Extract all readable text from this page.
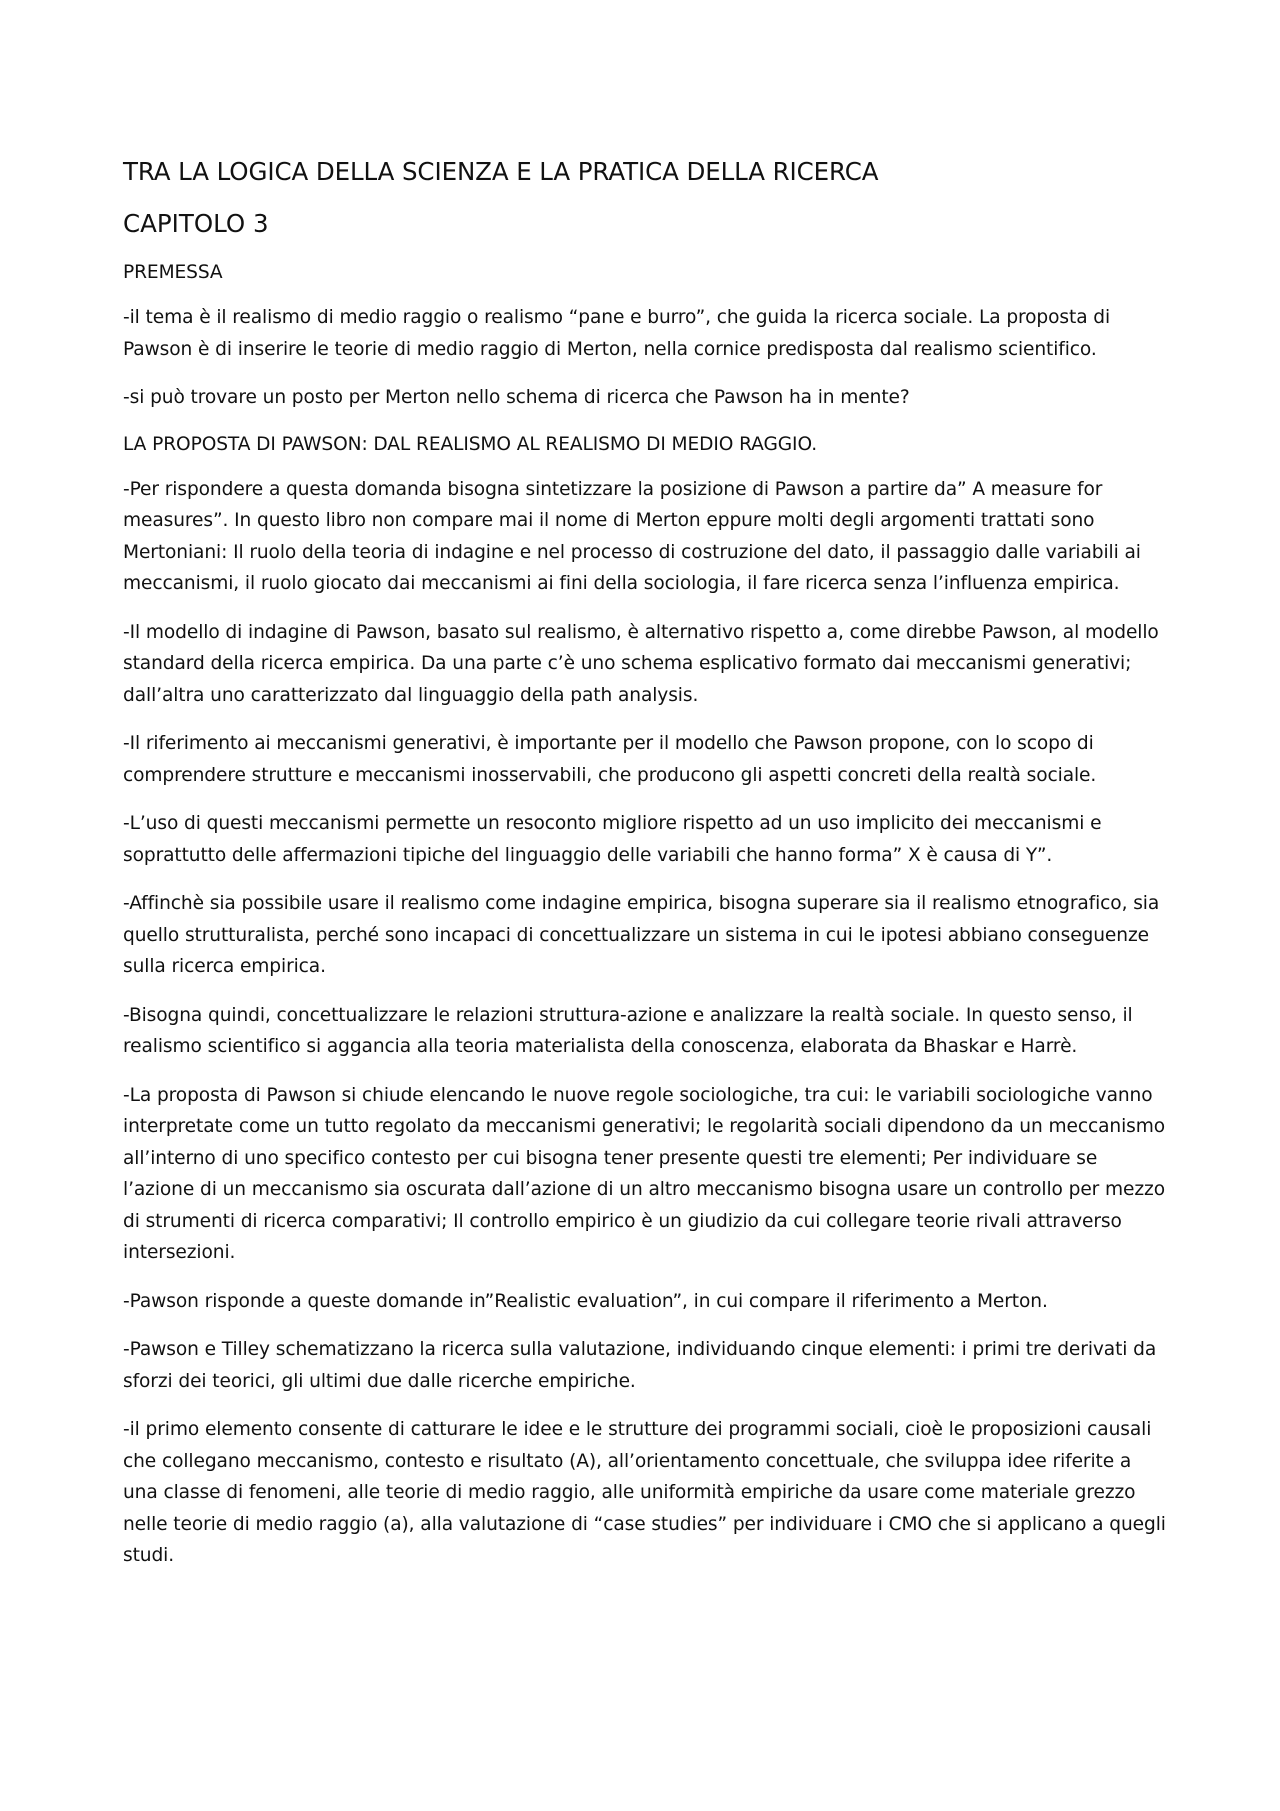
TRA LA LOGICA DELLA SCIENZA E LA PRATICA DELLA RICERCA
CAPITOLO 3
PREMESSA

-il tema è il realismo di medio raggio o realismo “pane e burro”, che guida la ricerca sociale. La proposta di Pawson è di inserire le teorie di medio raggio di Merton, nella cornice predisposta dal realismo scientifico.

-si può trovare un posto per Merton nello schema di ricerca che Pawson ha in mente?

LA PROPOSTA DI PAWSON: DAL REALISMO AL REALISMO DI MEDIO RAGGIO.

-Per rispondere a questa domanda bisogna sintetizzare la posizione di Pawson a partire da” A measure for measures”. In questo libro non compare mai il nome di Merton eppure molti degli argomenti trattati sono Mertoniani: Il ruolo della teoria di indagine e nel processo di costruzione del dato, il passaggio dalle variabili ai meccanismi, il ruolo giocato dai meccanismi ai fini della sociologia, il fare ricerca senza l’influenza empirica.

-Il modello di indagine di Pawson, basato sul realismo, è alternativo rispetto a, come direbbe Pawson, al modello standard della ricerca empirica. Da una parte c’è uno schema esplicativo formato dai meccanismi generativi; dall’altra uno caratterizzato dal linguaggio della path analysis.

-Il riferimento ai meccanismi generativi, è importante per il modello che Pawson propone, con lo scopo di comprendere strutture e meccanismi inosservabili, che producono gli aspetti concreti della realtà sociale.

-L’uso di questi meccanismi permette un resoconto migliore rispetto ad un uso implicito dei meccanismi e soprattutto delle affermazioni tipiche del linguaggio delle variabili che hanno forma” X è causa di Y”.

-Affinchè sia possibile usare il realismo come indagine empirica, bisogna superare sia il realismo etnografico, sia quello strutturalista, perché sono incapaci di concettualizzare un sistema in cui le ipotesi abbiano conseguenze sulla ricerca empirica.

-Bisogna quindi, concettualizzare le relazioni struttura-azione e analizzare la realtà sociale. In questo senso, il realismo scientifico si aggancia alla teoria materialista della conoscenza, elaborata da Bhaskar e Harrè.

-La proposta di Pawson si chiude elencando le nuove regole sociologiche, tra cui: le variabili sociologiche vanno interpretate come un tutto regolato da meccanismi generativi; le regolarità sociali dipendono da un meccanismo all’interno di uno specifico contesto per cui bisogna tener presente questi tre elementi; Per individuare se l’azione di un meccanismo sia oscurata dall’azione di un altro meccanismo bisogna usare un controllo per mezzo di strumenti di ricerca comparativi; Il controllo empirico è un giudizio da cui collegare teorie rivali attraverso intersezioni.

-Pawson risponde a queste domande in”Realistic evaluation”, in cui compare il riferimento a Merton.

-Pawson e Tilley schematizzano la ricerca sulla valutazione, individuando cinque elementi: i primi tre derivati da sforzi dei teorici, gli ultimi due dalle ricerche empiriche.

-il primo elemento consente di catturare le idee e le strutture dei programmi sociali, cioè le proposizioni causali che collegano meccanismo, contesto e risultato (A), all’orientamento concettuale, che sviluppa idee riferite a una classe di fenomeni, alle teorie di medio raggio, alle uniformità empiriche da usare come materiale grezzo nelle teorie di medio raggio (a), alla valutazione di “case studies” per individuare i CMO che si applicano a quegli studi.
